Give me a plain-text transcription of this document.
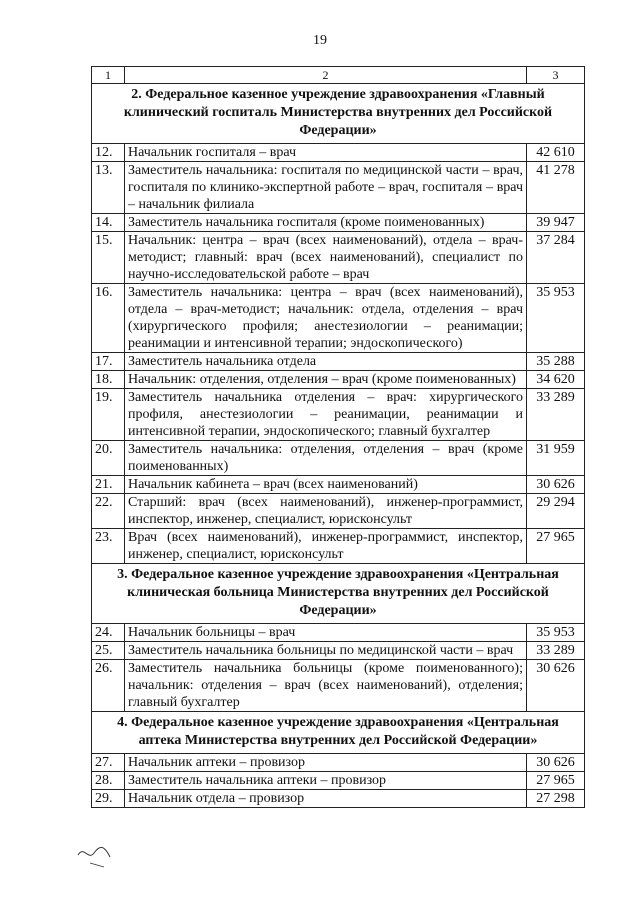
19
1	2	3
2. Федеральное казенное учреждение здравоохранения «Главный клинический госпиталь Министерства внутренних дел Российской Федерации»		
12.	Начальник госпиталя – врач	42 610
13.	Заместитель начальника: госпиталя по медицинской части – врач, госпиталя по клинико-экспертной работе – врач, госпиталя – врач – начальник филиала	41 278
14.	Заместитель начальника госпиталя (кроме поименованных)	39 947
15.	Начальник: центра – врач (всех наименований), отдела – врач-методист; главный: врач (всех наименований), специалист по научно-исследовательской работе – врач	37 284
16.	Заместитель начальника: центра – врач (всех наименований), отдела – врач-методист; начальник: отдела, отделения – врач (хирургического профиля; анестезиологии – реанимации; реанимации и интенсивной терапии; эндоскопического)	35 953
17.	Заместитель начальника отдела	35 288
18.	Начальник: отделения, отделения – врач (кроме поименованных)	34 620
19.	Заместитель начальника отделения – врач: хирургического профиля, анестезиологии – реанимации, реанимации и интенсивной терапии, эндоскопического; главный бухгалтер	33 289
20.	Заместитель начальника: отделения, отделения – врач (кроме поименованных)	31 959
21.	Начальник кабинета – врач (всех наименований)	30 626
22.	Старший: врач (всех наименований), инженер-программист, инспектор, инженер, специалист, юрисконсульт	29 294
23.	Врач (всех наименований), инженер-программист, инспектор, инженер, специалист, юрисконсульт	27 965
3. Федеральное казенное учреждение здравоохранения «Центральная клиническая больница Министерства внутренних дел Российской Федерации»		
24.	Начальник больницы – врач	35 953
25.	Заместитель начальника больницы по медицинской части – врач	33 289
26.	Заместитель начальника больницы (кроме поименованного); начальник: отделения – врач (всех наименований), отделения; главный бухгалтер	30 626
4. Федеральное казенное учреждение здравоохранения «Центральная аптека Министерства внутренних дел Российской Федерации»		
27.	Начальник аптеки – провизор	30 626
28.	Заместитель начальника аптеки – провизор	27 965
29.	Начальник отдела – провизор	27 298
